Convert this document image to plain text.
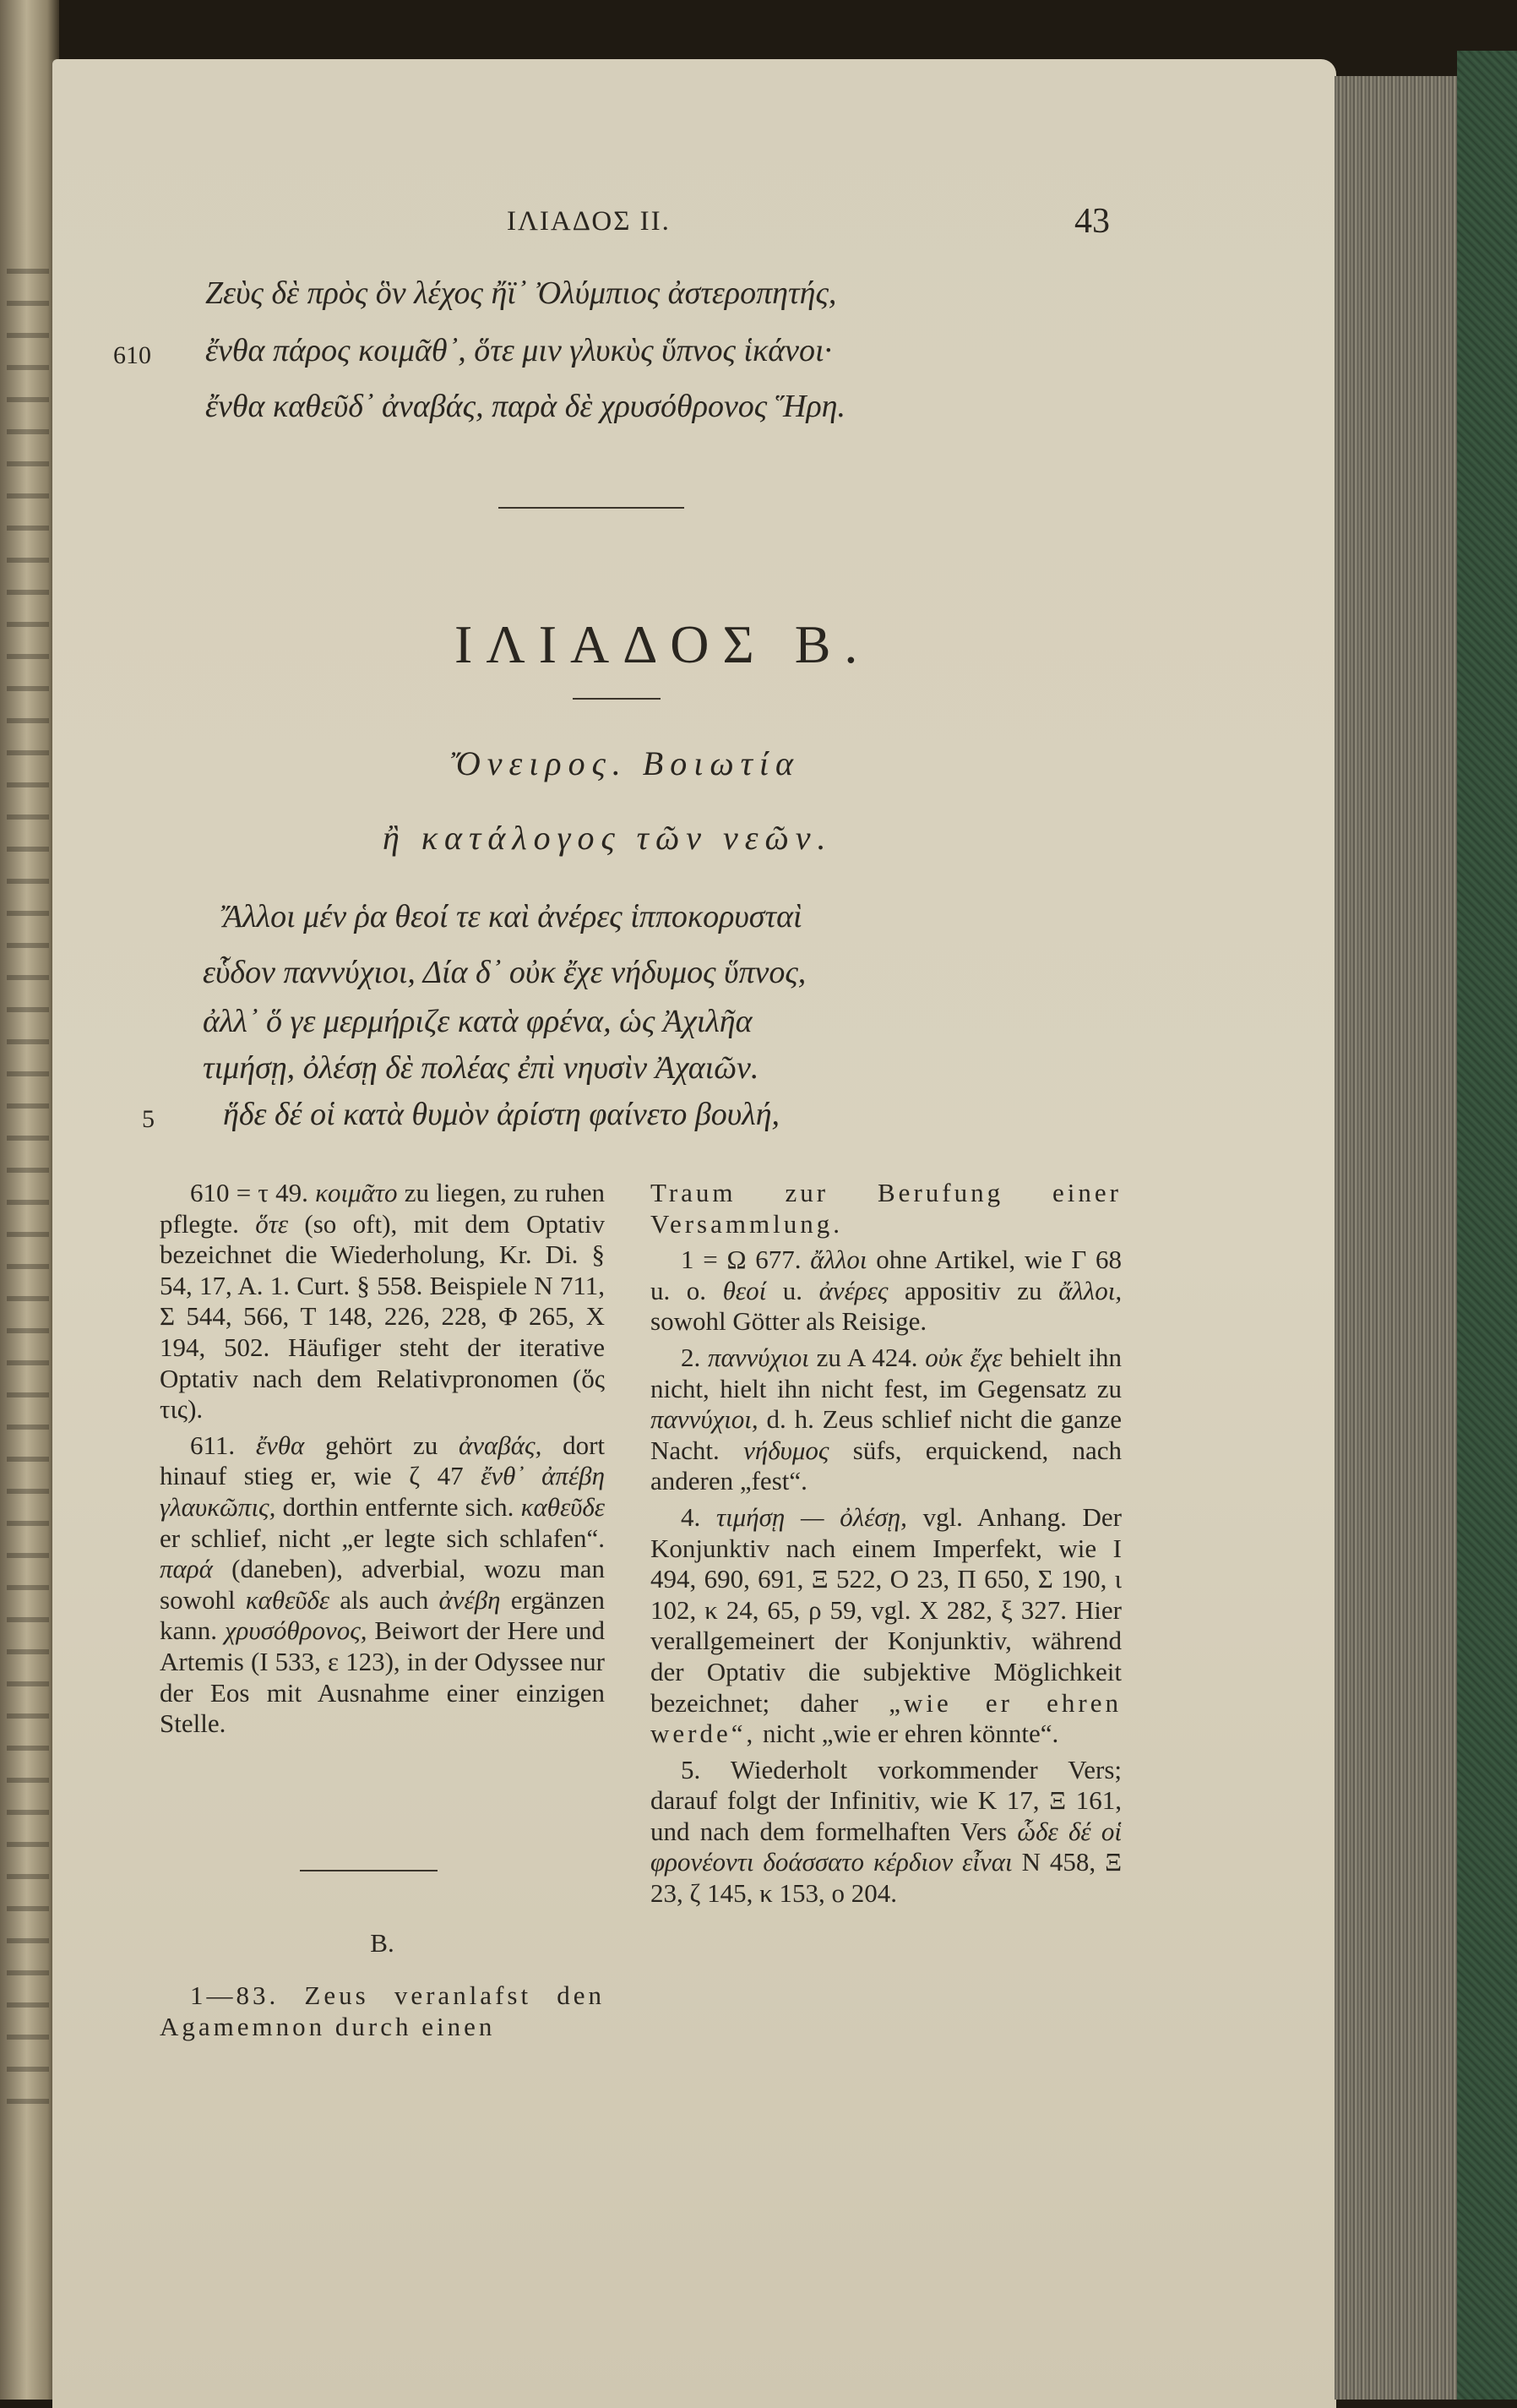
ΙΛΙΑΔΟΣ II.	43
Ζεὺς δὲ πρὸς ὃν λέχος ἤϊ᾽ Ὀλύμπιος ἀστεροπητής,
610 ἔνθα πάρος κοιμᾶθ᾽, ὅτε μιν γλυκὺς ὕπνος ἱκάνοι·
ἔνθα καθεῦδ᾽ ἀναβάς, παρὰ δὲ χρυσόθρονος Ἥρη.
ΙΛΙΑΔΟΣ Β.
Ὄνειρος. Βοιωτία
ἢ κατάλογος τῶν νεῶν.
Ἄλλοι μέν ῥα θεοί τε καὶ ἀνέρες ἱπποκορυσταὶ
εὗδον παννύχιοι, Δία δ᾽ οὐκ ἔχε νήδυμος ὕπνος,
ἀλλ᾽ ὅ γε μερμήριζε κατὰ φρένα, ὡς Ἀχιλῆα
τιμήσῃ, ὀλέσῃ δὲ πολέας ἐπὶ νηυσὶν Ἀχαιῶν.
5 ἥδε δέ οἱ κατὰ θυμὸν ἀρίστη φαίνετο βουλή,

610 = τ 49. κοιμᾶτο zu liegen, zu ruhen pflegte. ὅτε (so oft), mit dem Optativ bezeichnet die Wiederholung, Kr. Di. § 54, 17, A. 1. Curt. § 558. Beispiele N 711, Σ 544, 566, T 148, 226, 228, Φ 265, X 194, 502. Häufiger steht der iterative Optativ nach dem Relativpronomen (ὅς τις).

611. ἔνθα gehört zu ἀναβάς, dort hinauf stieg er, wie ζ 47 ἔνθ᾽ ἀπέβη γλαυκῶπις, dorthin entfernte sich. καθεῦδε er schlief, nicht „er legte sich schlafen“. παρά (daneben), adverbial, wozu man sowohl καθεῦδε als auch ἀνέβη ergänzen kann. χρυσόθρονος, Beiwort der Here und Artemis (I 533, ε 123), in der Odyssee nur der Eos mit Ausnahme einer einzigen Stelle.

B.

1—83. Zeus veranlafst den Agamemnon durch einen

Traum zur Berufung einer Versammlung.

1 = Ω 677. ἄλλοι ohne Artikel, wie Γ 68 u. o. θεοί u. ἀνέρες appositiv zu ἄλλοι, sowohl Götter als Reisige.

2. παννύχιοι zu A 424. οὐκ ἔχε behielt ihn nicht, hielt ihn nicht fest, im Gegensatz zu παννύχιοι, d. h. Zeus schlief nicht die ganze Nacht. νήδυμος süfs, erquickend, nach anderen „fest“.

4. τιμήσῃ — ὀλέσῃ, vgl. Anhang. Der Konjunktiv nach einem Imperfekt, wie I 494, 690, 691, Ξ 522, O 23, Π 650, Σ 190, ι 102, κ 24, 65, ρ 59, vgl. X 282, ξ 327. Hier verallgemeinert der Konjunktiv, während der Optativ die subjektive Möglichkeit bezeichnet; daher „wie er ehren werde“, nicht „wie er ehren könnte“.

5. Wiederholt vorkommender Vers; darauf folgt der Infinitiv, wie K 17, Ξ 161, und nach dem formelhaften Vers ὧδε δέ οἱ φρονέοντι δοάσσατο κέρδιον εἶναι N 458, Ξ 23, ζ 145, κ 153, ο 204.
